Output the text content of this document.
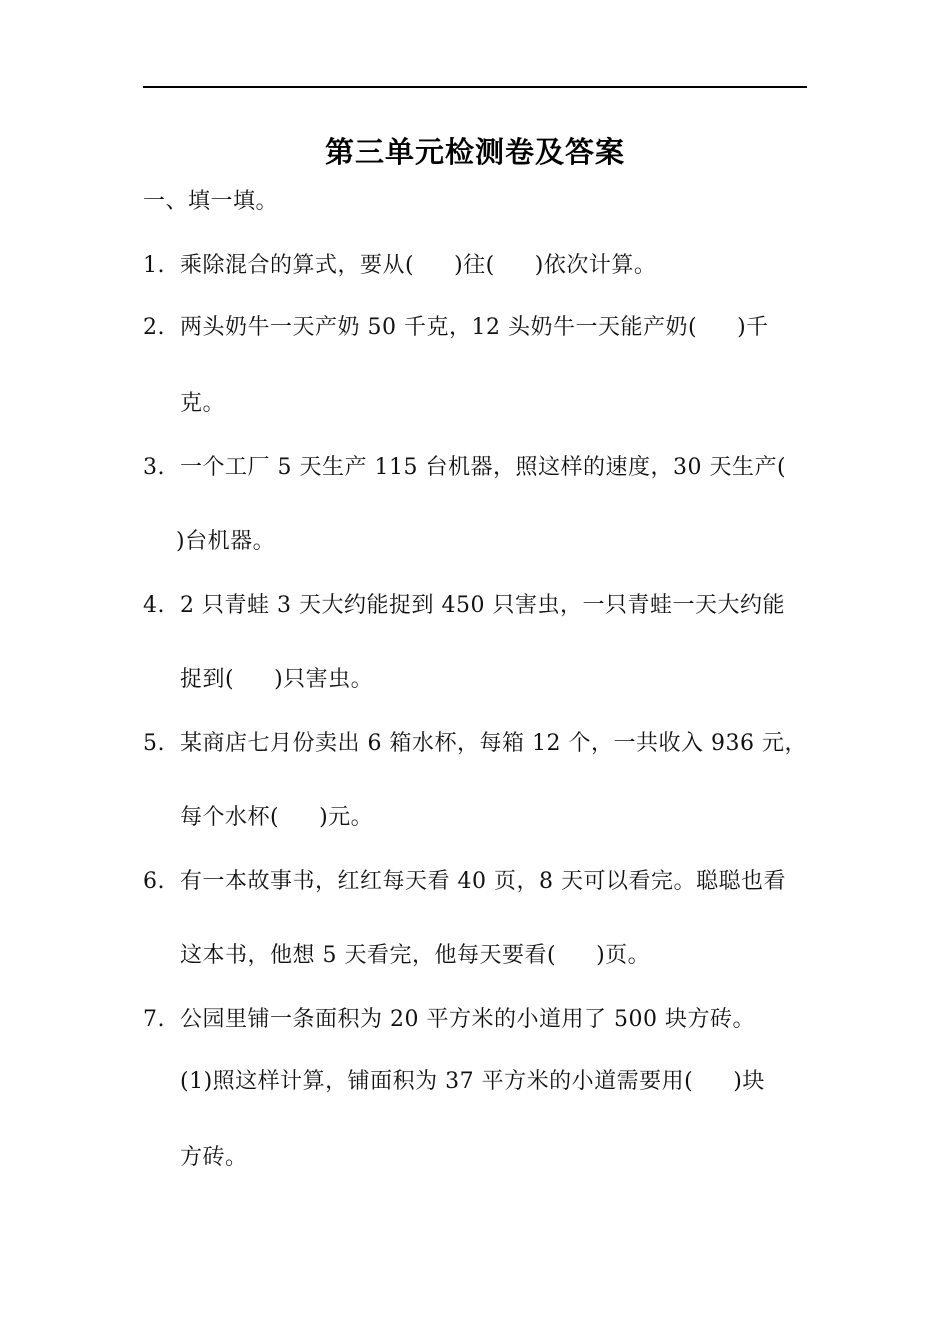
第三单元检测卷及答案
一、填一填。
1. 乘除混合的算式，要从( )往( )依次计算。
2. 两头奶牛一天产奶 50 千克，12 头奶牛一天能产奶( )千
克。
3. 一个工厂 5 天生产 115 台机器，照这样的速度，30 天生产(
)台机器。
4. 2 只青蛙 3 天大约能捉到 450 只害虫，一只青蛙一天大约能
捉到( )只害虫。
5. 某商店七月份卖出 6 箱水杯，每箱 12 个，一共收入 936 元，
每个水杯( )元。
6. 有一本故事书，红红每天看 40 页，8 天可以看完。聪聪也看
这本书，他想 5 天看完，他每天要看( )页。
7. 公园里铺一条面积为 20 平方米的小道用了 500 块方砖。
(1)照这样计算，铺面积为 37 平方米的小道需要用( )块
方砖。
